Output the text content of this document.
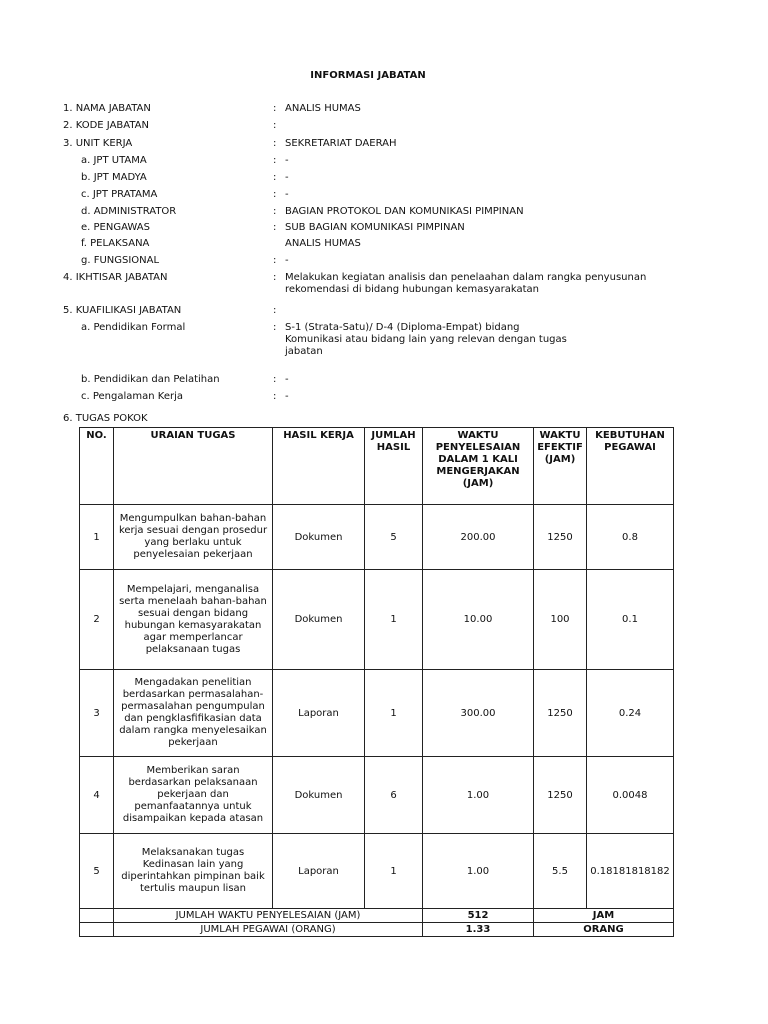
INFORMASI JABATAN
1. NAMA JABATAN	: ANALIS HUMAS
2. KODE JABATAN	:
3. UNIT KERJA	: SEKRETARIAT DAERAH
a. JPT UTAMA	: -
b. JPT MADYA	: -
c. JPT PRATAMA	: -
d. ADMINISTRATOR	: BAGIAN PROTOKOL DAN KOMUNIKASI PIMPINAN
e. PENGAWAS	: SUB BAGIAN KOMUNIKASI PIMPINAN
f. PELAKSANA	ANALIS HUMAS
g. FUNGSIONAL	: -
4. IKHTISAR JABATAN	: Melakukan kegiatan analisis dan penelaahan dalam rangka penyusunan rekomendasi di bidang hubungan kemasyarakatan
5. KUAFILIKASI JABATAN	:
a. Pendidikan Formal	: S-1 (Strata-Satu)/ D-4 (Diploma-Empat) bidang Komunikasi atau bidang lain yang relevan dengan tugas jabatan
b. Pendidikan dan Pelatihan	: -
c. Pengalaman Kerja	: -
6. TUGAS POKOK
NO.	URAIAN TUGAS	HASIL KERJA	JUMLAH HASIL	WAKTU PENYELESAIAN DALAM 1 KALI MENGERJAKAN (JAM)	WAKTU EFEKTIF (JAM)	KEBUTUHAN PEGAWAI
1	Mengumpulkan bahan-bahan kerja sesuai dengan prosedur yang berlaku untuk penyelesaian pekerjaan	Dokumen	5	200.00	1250	0.8
2	Mempelajari, menganalisa serta menelaah bahan-bahan sesuai dengan bidang hubungan kemasyarakatan agar memperlancar pelaksanaan tugas	Dokumen	1	10.00	100	0.1
3	Mengadakan penelitian berdasarkan permasalahan-permasalahan pengumpulan dan pengklasfifikasian data dalam rangka menyelesaikan pekerjaan	Laporan	1	300.00	1250	0.24
4	Memberikan saran berdasarkan pelaksanaan pekerjaan dan pemanfaatannya untuk disampaikan kepada atasan	Dokumen	6	1.00	1250	0.0048
5	Melaksanakan tugas Kedinasan lain yang diperintahkan pimpinan baik tertulis maupun lisan	Laporan	1	1.00	5.5	0.18181818182
	JUMLAH WAKTU PENYELESAIAN (JAM)			512	JAM	
	JUMLAH PEGAWAI (ORANG)			1.33	ORANG	
